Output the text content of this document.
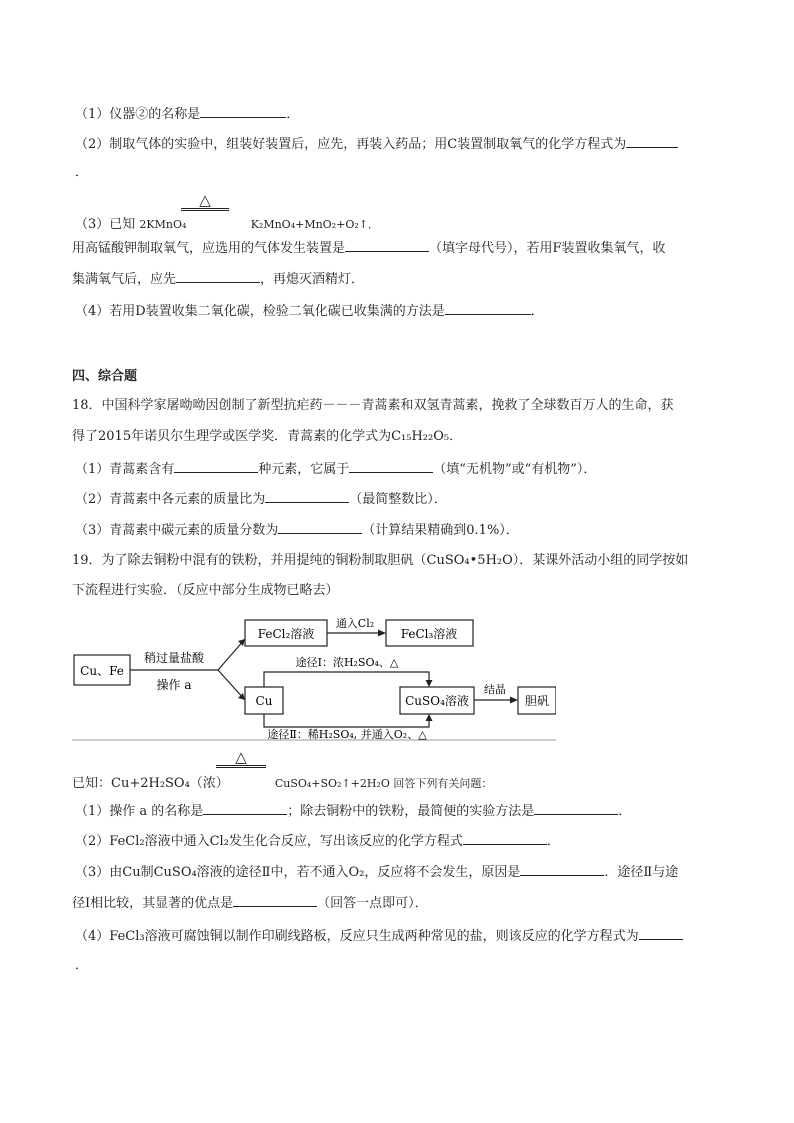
（1）仪器②的名称是	．
（2）制取气体的实验中，组装好装置后，应先，再装入药品；用C装置制取氧气的化学方程式为
．
△
（3）已知 2KMnO₄	K₂MnO₄+MnO₂+O₂↑．
用高锰酸钾制取氧气，应选用的气体发生装置是	（填字母代号），若用F装置收集氧气，收
集满氧气后，应先	，再熄灭酒精灯．
（4）若用D装置收集二氧化碳，检验二氧化碳已收集满的方法是	．
四、综合题
18．中国科学家屠呦呦因创制了新型抗疟药－－－青蒿素和双氢青蒿素，挽救了全球数百万人的生命，获
得了2015年诺贝尔生理学或医学奖．青蒿素的化学式为C₁₅H₂₂O₅．
（1）青蒿素含有	种元素，它属于	（填“无机物”或“有机物”）．
（2）青蒿素中各元素的质量比为	（最简整数比）．
（3）青蒿素中碳元素的质量分数为	（计算结果精确到0.1%）．
19．为了除去铜粉中混有的铁粉，并用提纯的铜粉制取胆矾（CuSO₄•5H₂O）．某课外活动小组的同学按如
下流程进行实验．（反应中部分生成物已略去）
Cu、Fe
稍过量盐酸
操作 a
FeCl₂溶液
通入Cl₂
FeCl₃溶液
Cu
途径Ⅰ：浓H₂SO₄、△
途径Ⅱ：稀H₂SO₄, 并通入O₂、△
CuSO₄溶液
结晶
胆矾
△
已知：Cu+2H₂SO₄（浓）	CuSO₄+SO₂↑+2H₂O 回答下列有关问题：
（1）操作 a 的名称是	；除去铜粉中的铁粉，最简便的实验方法是	．
（2）FeCl₂溶液中通入Cl₂发生化合反应，写出该反应的化学方程式	．
（3）由Cu制CuSO₄溶液的途径Ⅱ中，若不通入O₂，反应将不会发生，原因是	．途径Ⅱ与途
径Ⅰ相比较，其显著的优点是	（回答一点即可）．
（4）FeCl₃溶液可腐蚀铜以制作印刷线路板，反应只生成两种常见的盐，则该反应的化学方程式为
．
